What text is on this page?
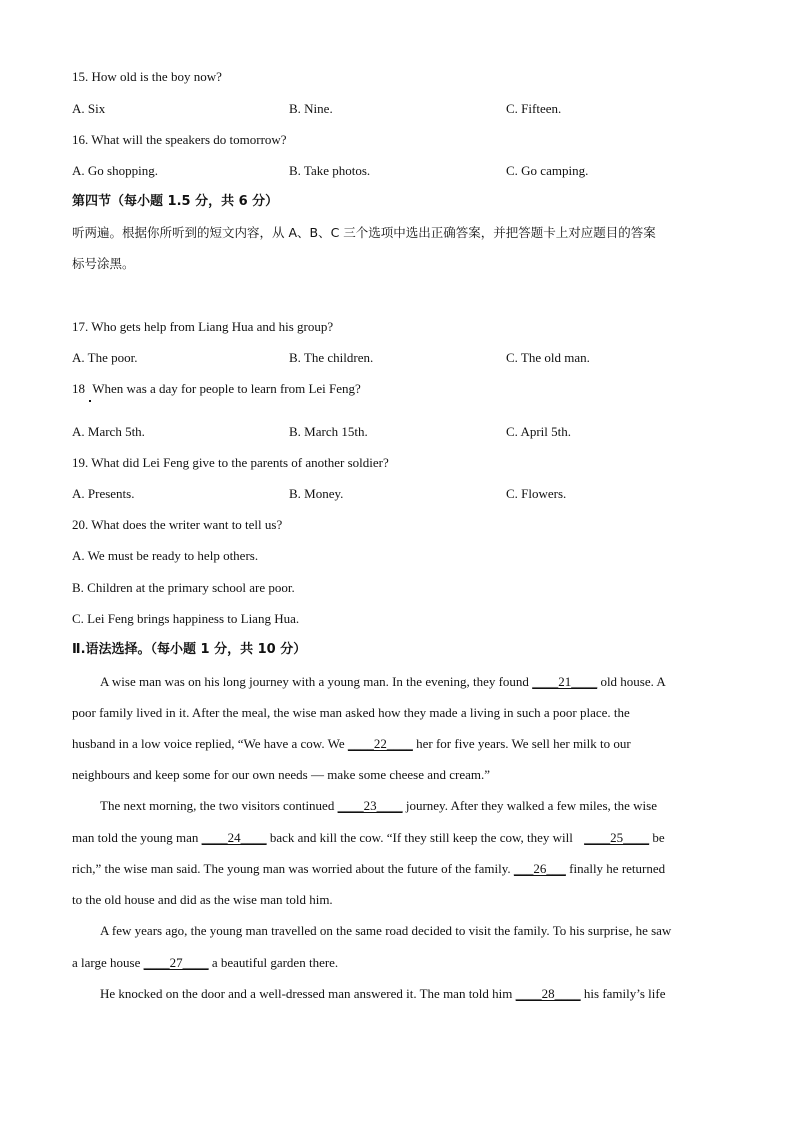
15. How old is the boy now?
A. Six	B. Nine.	C. Fifteen.
16. What will the speakers do tomorrow?
A. Go shopping.	B. Take photos.	C. Go camping.
第四节（每小题 1.5 分，共 6 分）
听两遍。根据你所听到的短文内容，从 A、B、C 三个选项中选出正确答案，并把答题卡上对应题目的答案
标号涂黑。
17. Who gets help from Liang Hua and his group?
A. The poor.	B. The children.	C. The old man.
18 When was a day for people to learn from Lei Feng?
A. March 5th.	B. March 15th.	C. April 5th.
19. What did Lei Feng give to the parents of another soldier?
A. Presents.	B. Money.	C. Flowers.
20. What does the writer want to tell us?
A. We must be ready to help others.
B. Children at the primary school are poor.
C. Lei Feng brings happiness to Liang Hua.
Ⅱ.语法选择。（每小题 1 分，共 10 分）
A wise man was on his long journey with a young man. In the evening, they found ____21____ old house. A
poor family lived in it. After the meal, the wise man asked how they made a living in such a poor place. the
husband in a low voice replied, “We have a cow. We ____22____ her for five years. We sell her milk to our
neighbours and keep some for our own needs — make some cheese and cream.”
The next morning, the two visitors continued ____23____ journey. After they walked a few miles, the wise
man told the young man ____24____ back and kill the cow. “If they still keep the cow, they will ____25____ be
rich,” the wise man said. The young man was worried about the future of the family. ___26___ finally he returned
to the old house and did as the wise man told him.
A few years ago, the young man travelled on the same road decided to visit the family. To his surprise, he saw
a large house ____27____ a beautiful garden there.
He knocked on the door and a well-dressed man answered it. The man told him ____28____ his family’s life
